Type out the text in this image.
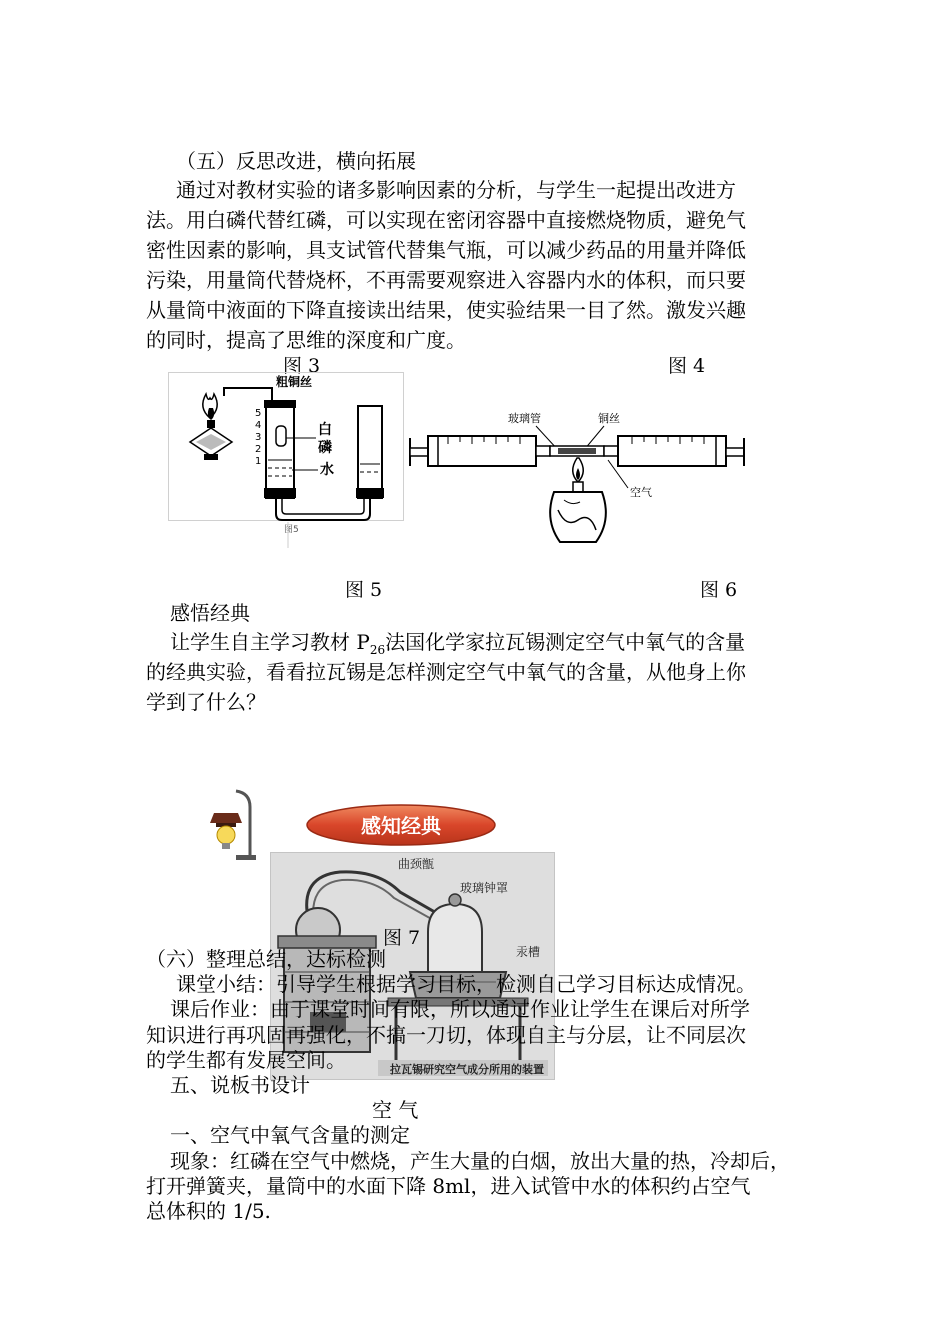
（五）反思改进，横向拓展
通过对教材实验的诸多影响因素的分析，与学生一起提出改进方
法。用白磷代替红磷，可以实现在密闭容器中直接燃烧物质，避免气
密性因素的影响，具支试管代替集气瓶，可以减少药品的用量并降低
污染，用量筒代替烧杯，不再需要观察进入容器内水的体积，而只要
从量筒中液面的下降直接读出结果，使实验结果一目了然。激发兴趣
的同时，提高了思维的深度和广度。
图 3	图 4
粗铜丝
5
4
3
2
1
白
磷
水
图5
玻璃管	铜丝
空气
图 5	图 6
感悟经典
让学生自主学习教材 $P_{26}$法国化学家拉瓦锡测定空气中氧气的含量
的经典实验，看看拉瓦锡是怎样测定空气中氧气的含量，从他身上你
学到了什么？
感知经典
曲颈甑
玻璃钟罩
汞槽
拉瓦锡研究空气成分所用的装置
图 7
（六）整理总结，达标检测
课堂小结：引导学生根据学习目标，检测自己学习目标达成情况。
课后作业：由于课堂时间有限，所以通过作业让学生在课后对所学
知识进行再巩固再强化，不搞一刀切，体现自主与分层，让不同层次
的学生都有发展空间。
五、说板书设计
空 气
一、空气中氧气含量的测定
现象：红磷在空气中燃烧，产生大量的白烟，放出大量的热，冷却后，
打开弹簧夹，量筒中的水面下降 8ml，进入试管中水的体积约占空气
总体积的 1/5.
